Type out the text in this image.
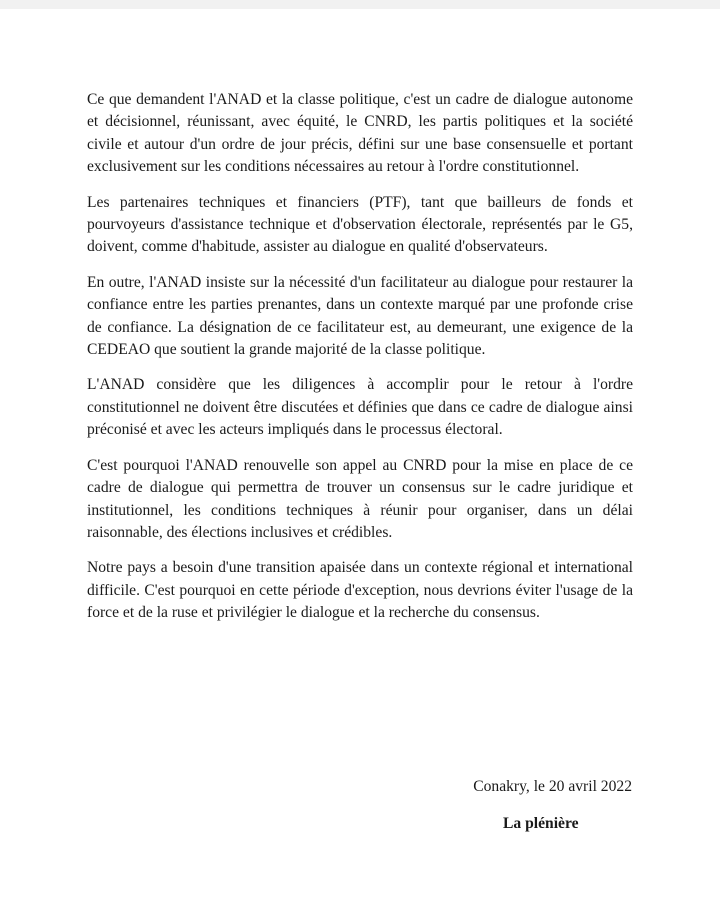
Ce que demandent l'ANAD et la classe politique, c'est un cadre de dialogue autonome et décisionnel, réunissant, avec équité, le CNRD, les partis politiques et la société civile et autour d'un ordre de jour précis, défini sur une base consensuelle et portant exclusivement sur les conditions nécessaires au retour à l'ordre constitutionnel.

Les partenaires techniques et financiers (PTF), tant que bailleurs de fonds et pourvoyeurs d'assistance technique et d'observation électorale, représentés par le G5, doivent, comme d'habitude, assister au dialogue en qualité d'observateurs.

En outre, l'ANAD insiste sur la nécessité d'un facilitateur au dialogue pour restaurer la confiance entre les parties prenantes, dans un contexte marqué par une profonde crise de confiance. La désignation de ce facilitateur est, au demeurant, une exigence de la CEDEAO que soutient la grande majorité de la classe politique.

L'ANAD considère que les diligences à accomplir pour le retour à l'ordre constitutionnel ne doivent être discutées et définies que dans ce cadre de dialogue ainsi préconisé et avec les acteurs impliqués dans le processus électoral.

C'est pourquoi l'ANAD renouvelle son appel au CNRD pour la mise en place de ce cadre de dialogue qui permettra de trouver un consensus sur le cadre juridique et institutionnel, les conditions techniques à réunir pour organiser, dans un délai raisonnable, des élections inclusives et crédibles.

Notre pays a besoin d'une transition apaisée dans un contexte régional et international difficile. C'est pourquoi en cette période d'exception, nous devrions éviter l'usage de la force et de la ruse et privilégier le dialogue et la recherche du consensus.

Conakry, le 20 avril 2022
La plénière
